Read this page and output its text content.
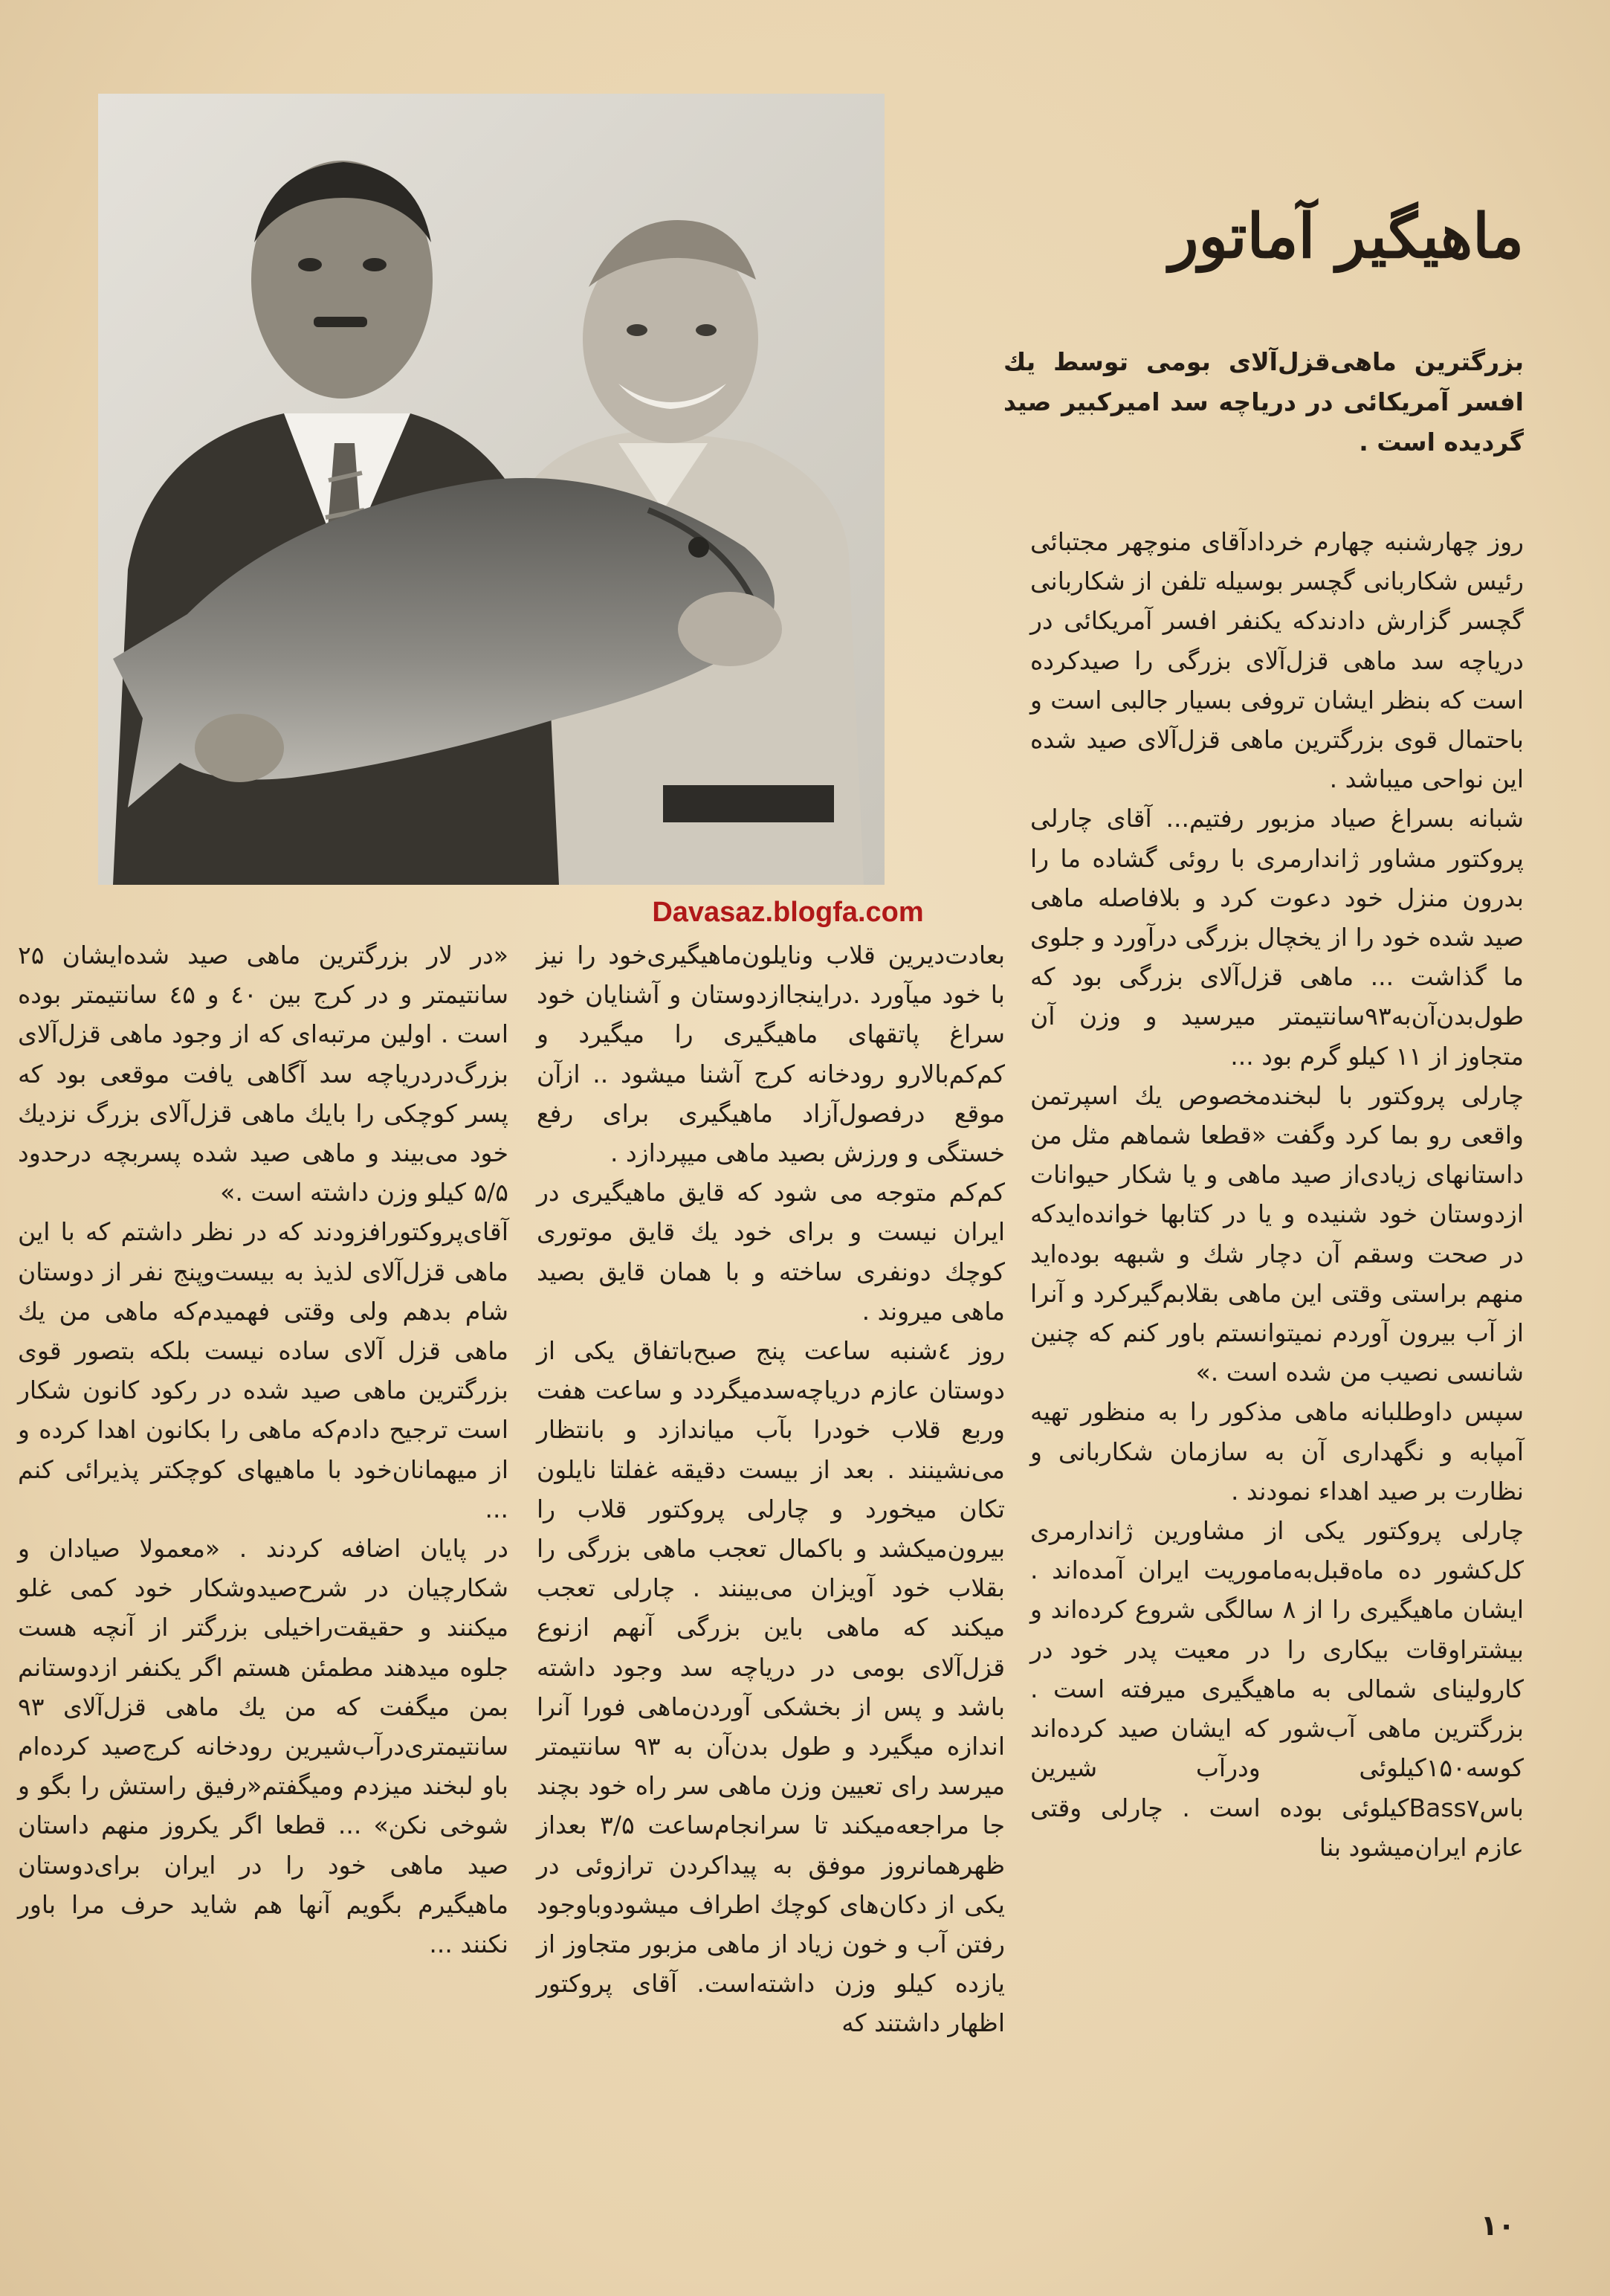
ماهیگیر آماتور
بزرگترین ماهی‌قزل‌آلای بومی توسط یك افسر آمریكائی در دریاچه‌ سد امیركبیر صید گردیده است .
Davasaz.blogfa.com

روز چهارشنبه چهارم خردادآقای منوچهر مجتبائی رئیس شكاربانی گچسر بوسیله تلفن از شكاربانی گچسر گزارش دادندكه یكنفر افسر آمریكائی در دریاچه سد ماهی قزل‌آلای بزرگی را صیدكرده است كه بنظر ایشان تروفی بسیار جالبی است و باحتمال قوی بزرگترین ماهی قزل‌آلای صید شده این نواحی میباشد .

شبانه بسراغ صیاد مزبور رفتیم... آقای چارلی پروكتور مشاور ژاندارمری با روئی گشاده ما را بدرون منزل خود دعوت كرد و بلافاصله ماهی صید شده خود را از یخچال بزرگی درآورد و جلوی ما گذاشت ... ماهی قزل‌آلای بزرگی بود كه طول‌بدن‌آن‌به۹۳سانتیمتر میرسید و وزن آن متجاوز از ۱۱ كیلو گرم بود ...

چارلی پروكتور با لبخندمخصوص یك اسپرتمن واقعی رو بما كرد وگفت «قطعا شماهم مثل من داستانهای زیادی‌از صید ماهی و یا شكار حیوانات ازدوستان خود شنیده و یا در كتابها خوانده‌ایدكه در صحت وسقم آن دچار شك و شبهه بوده‌اید منهم براستی وقتی این ماهی بقلابم‌گیركرد و آنرا از آب بیرون آوردم نمیتوانستم باور كنم كه چنین شانسی نصیب من شده است .»

سپس داوطلبانه ماهی مذكور را به منظور تهیه آمپابه و نگهداری آن به سازمان شكاربانی و نظارت بر صید اهداء نمودند .

چارلی پروكتور یكی از مشاورین ژاندارمری كل‌كشور ده ماه‌قبل‌به‌ماموریت ایران آمده‌اند . ایشان ماهیگیری را از ۸ سالگی شروع كرده‌اند و بیشتراوقات بیكاری را در معیت پدر خود در كارولینای شمالی به ماهیگیری میرفته است . بزرگترین ماهی آب‌شور كه ایشان صید كرده‌اند كوسه۱۵۰كیلوئی ودرآب شیرین باس‌Bass۷كیلوئی بوده است . چارلی وقتی عازم ایران‌میشود بنا

بعادت‌دیرین قلاب ونایلون‌ماهیگیری‌خود را نیز با خود میآورد .دراینجاازدوستان و آشنایان خود سراغ پاتقهای ماهیگیری را میگیرد و كم‌كم‌بالارو رودخانه كرج آشنا میشود .. ازآن موقع درفصول‌آزاد ماهیگیری برای رفع خستگی و ورزش بصید ماهی میپردازد .

كم‌كم متوجه می شود كه قایق ماهیگیری در ایران نیست و برای خود یك قایق موتوری كوچك دونفری ساخته و با همان قایق بصید ماهی میروند .

روز ٤شنبه ساعت پنج صبح‌باتفاق یكی از دوستان عازم دریاچه‌سدمیگردد و ساعت هفت وربع قلاب خودرا بآب میاندازد و بانتظار می‌نشینند . بعد از بیست دقیقه غفلتا نایلون تكان میخورد و چارلی پروكتور قلاب را بیرون‌میكشد و باكمال تعجب ماهی بزرگی را بقلاب خود آویزان می‌بینند . چارلی تعجب میكند كه ماهی باین بزرگی آنهم ازنوع قزل‌آلای بومی در دریاچه سد وجود داشته باشد و پس از بخشكی آوردن‌ماهی فورا آنرا اندازه میگیرد و طول بدن‌آن به ۹۳ سانتیمتر میرسد رای تعیین وزن ماهی سر راه خود بچند جا مراجعه‌میكند تا سرانجام‌ساعت ۳/۵ بعداز ظهرهمانروز موفق به پیداكردن ترازوئی در یكی از دكان‌های كوچك اطراف میشودوباوجود رفتن آب و خون زیاد از ماهی مزبور متجاوز از یازده كیلو وزن داشته‌است. آقای پروكتور اظهار داشتند كه

«در لار بزرگترین ماهی صید شده‌ایشان ۲۵ سانتیمتر و در كرج بین ٤۰ و ٤۵ سانتیمتر بوده است . اولین مرتبه‌ای كه از وجود ماهی قزل‌آلای بزرگ‌دردریاچه سد آگاهی یافت موقعی بود كه پسر كوچكی را بایك ماهی قزل‌آلای بزرگ نزدیك خود می‌بیند و ماهی صید شده پسربچه درحدود ۵/۵ كیلو وزن داشته است .»

آقای‌پروكتورافزودند كه در نظر داشتم كه با این ماهی قزل‌آلای لذیذ به بیست‌وپنج نفر از دوستان شام بدهم ولی وقتی فهمیدم‌كه ماهی من یك ماهی قزل آلای ساده نیست بلكه بتصور قوی بزرگترین ماهی صید شده در ركود كانون شكار است ترجیح دادم‌كه ماهی را بكانون اهدا كرده و از میهمانان‌خود با ماهیهای كوچكتر پذیرائی كنم ...

در پایان اضافه كردند . «معمولا صیادان و شكارچیان در شرح‌صیدوشكار خود كمی غلو میكنند و حقیقت‌راخیلی بزرگتر از آنچه هست جلوه میدهند مطمئن هستم اگر یكنفر ازدوستانم بمن میگفت كه من یك ماهی قزل‌آلای ۹۳ سانتیمتری‌درآب‌شیرین رودخانه كرج‌صید كرده‌ام باو لبخند میزدم ومیگفتم«رفیق راستش را بگو و شوخی نكن» ... قطعا اگر یكروز منهم داستان صید ماهی خود را در ایران برای‌دوستان ماهیگیرم بگویم آنها هم شاید حرف مرا باور نكنند ...

۱۰
